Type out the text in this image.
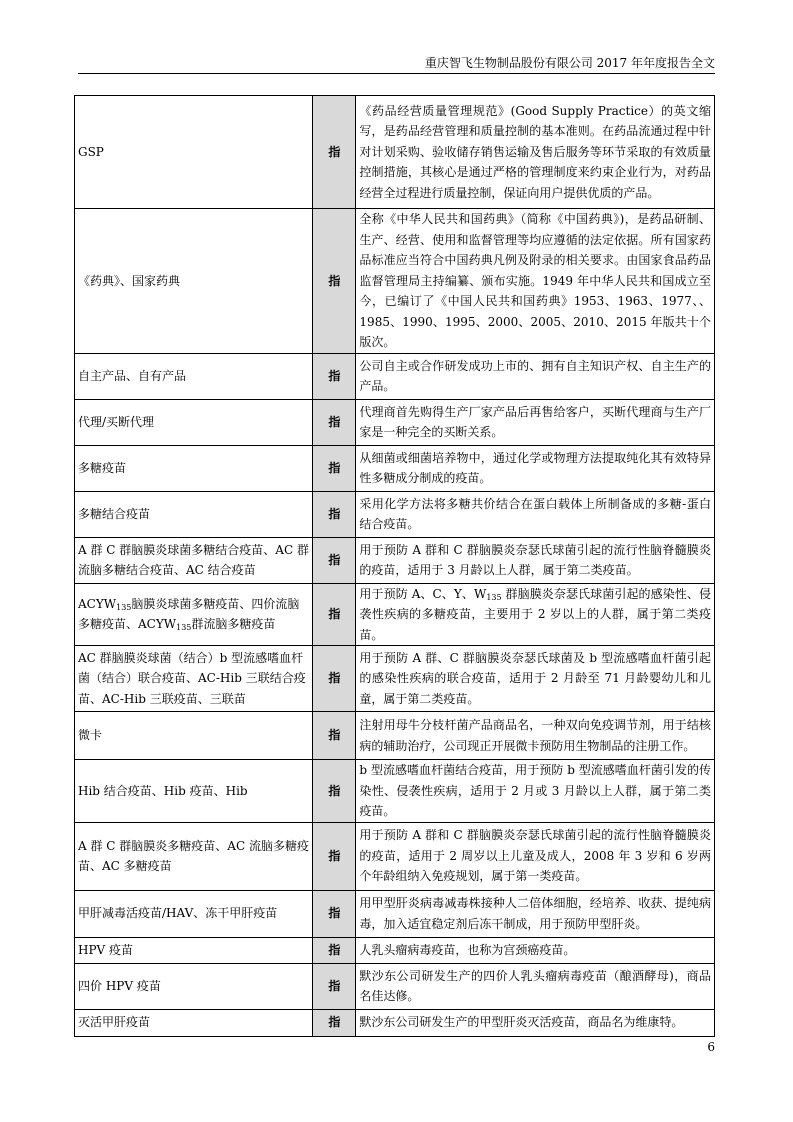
重庆智飞生物制品股份有限公司 2017 年年度报告全文
GSP	指	《药品经营质量管理规范》(Good Supply Practice）的英文缩写，是药品经营管理和质量控制的基本准则。在药品流通过程中针对计划采购、验收储存销售运输及售后服务等环节采取的有效质量控制措施，其核心是通过严格的管理制度来约束企业行为，对药品经营全过程进行质量控制，保证向用户提供优质的产品。
《药典》、国家药典	指	全称《中华人民共和国药典》（简称《中国药典》)，是药品研制、生产、经营、使用和监督管理等均应遵循的法定依据。所有国家药品标准应当符合中国药典凡例及附录的相关要求。由国家食品药品监督管理局主持编纂、颁布实施。1949 年中华人民共和国成立至今，已编订了《中国人民共和国药典》1953、1963、1977、、1985、1990、1995、2000、2005、2010、2015 年版共十个版次。
自主产品、自有产品	指	公司自主或合作研发成功上市的、拥有自主知识产权、自主生产的产品。
代理/买断代理	指	代理商首先购得生产厂家产品后再售给客户，买断代理商与生产厂家是一种完全的买断关系。
多糖疫苗	指	从细菌或细菌培养物中，通过化学或物理方法提取纯化其有效特异性多糖成分制成的疫苗。
多糖结合疫苗	指	采用化学方法将多糖共价结合在蛋白载体上所制备成的多糖-蛋白结合疫苗。
A 群 C 群脑膜炎球菌多糖结合疫苗、AC 群流脑多糖结合疫苗、AC 结合疫苗	指	用于预防 A 群和 C 群脑膜炎奈瑟氏球菌引起的流行性脑脊髓膜炎的疫苗，适用于 3 月龄以上人群，属于第二类疫苗。
$ACYW_{135}$脑膜炎球菌多糖疫苗、四价流脑多糖疫苗、$ACYW_{135}$群流脑多糖疫苗	指	用于预防 A、C、Y、$W_{135}$ 群脑膜炎奈瑟氏球菌引起的感染性、侵袭性疾病的多糖疫苗，主要用于 2 岁以上的人群，属于第二类疫苗。
AC 群脑膜炎球菌（结合）b 型流感嗜血杆菌（结合）联合疫苗、AC-Hib 三联结合疫苗、AC-Hib 三联疫苗、三联苗	指	用于预防 A 群、C 群脑膜炎奈瑟氏球菌及 b 型流感嗜血杆菌引起的感染性疾病的联合疫苗，适用于 2 月龄至 71 月龄婴幼儿和儿童，属于第二类疫苗。
微卡	指	注射用母牛分枝杆菌产品商品名，一种双向免疫调节剂，用于结核病的辅助治疗，公司现正开展微卡预防用生物制品的注册工作。
Hib 结合疫苗、Hib 疫苗、Hib	指	b 型流感嗜血杆菌结合疫苗，用于预防 b 型流感嗜血杆菌引发的传染性、侵袭性疾病，适用于 2 月或 3 月龄以上人群，属于第二类疫苗。
A 群 C 群脑膜炎多糖疫苗、AC 流脑多糖疫苗、AC 多糖疫苗	指	用于预防 A 群和 C 群脑膜炎奈瑟氏球菌引起的流行性脑脊髓膜炎的疫苗，适用于 2 周岁以上儿童及成人，2008 年 3 岁和 6 岁两个年龄组纳入免疫规划，属于第一类疫苗。
甲肝减毒活疫苗/HAV、冻干甲肝疫苗	指	用甲型肝炎病毒减毒株接种人二倍体细胞，经培养、收获、提纯病毒，加入适宜稳定剂后冻干制成，用于预防甲型肝炎。
HPV 疫苗	指	人乳头瘤病毒疫苗，也称为宫颈癌疫苗。
四价 HPV 疫苗	指	默沙东公司研发生产的四价人乳头瘤病毒疫苗（酿酒酵母)，商品名佳达修。
灭活甲肝疫苗	指	默沙东公司研发生产的甲型肝炎灭活疫苗，商品名为维康特。
6
